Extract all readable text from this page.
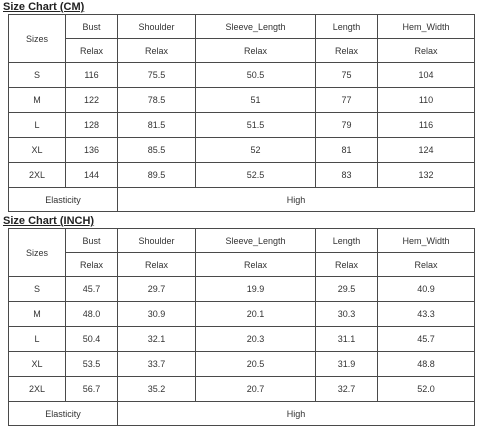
Size Chart (CM)
Sizes	Bust	Shoulder	Sleeve_Length	Length	Hem_Width
	Relax	Relax	Relax	Relax	Relax
S	116	75.5	50.5	75	104
M	122	78.5	51	77	110
L	128	81.5	51.5	79	116
XL	136	85.5	52	81	124
2XL	144	89.5	52.5	83	132
Elasticity		High			
Size Chart (INCH)
Sizes	Bust	Shoulder	Sleeve_Length	Length	Hem_Width
	Relax	Relax	Relax	Relax	Relax
S	45.7	29.7	19.9	29.5	40.9
M	48.0	30.9	20.1	30.3	43.3
L	50.4	32.1	20.3	31.1	45.7
XL	53.5	33.7	20.5	31.9	48.8
2XL	56.7	35.2	20.7	32.7	52.0
Elasticity		High			
